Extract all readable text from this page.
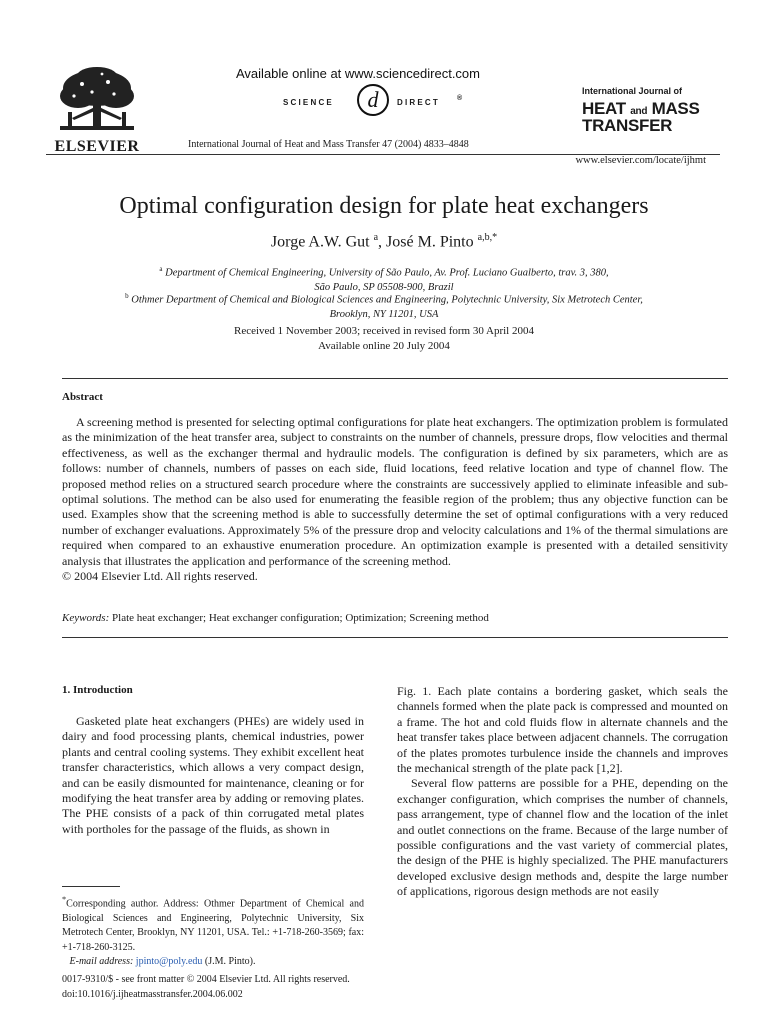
ELSEVIER
Available online at www.sciencedirect.com
SCIENCE d DIRECT ®
International Journal of Heat and Mass Transfer 47 (2004) 4833–4848
International Journal of
HEAT and MASS
TRANSFER
www.elsevier.com/locate/ijhmt
Optimal configuration design for plate heat exchangers
Jorge A.W. Gut $^a$, José M. Pinto $^{a,b,*}$
$^a$ Department of Chemical Engineering, University of São Paulo, Av. Prof. Luciano Gualberto, trav. 3, 380,
São Paulo, SP 05508-900, Brazil
$^b$ Othmer Department of Chemical and Biological Sciences and Engineering, Polytechnic University, Six Metrotech Center,
Brooklyn, NY 11201, USA
Received 1 November 2003; received in revised form 30 April 2004
Available online 20 July 2004
Abstract
A screening method is presented for selecting optimal configurations for plate heat exchangers. The optimization problem is formulated as the minimization of the heat transfer area, subject to constraints on the number of channels, pressure drops, flow velocities and thermal effectiveness, as well as the exchanger thermal and hydraulic models. The configuration is defined by six parameters, which are as follows: number of channels, numbers of passes on each side, fluid locations, feed relative location and type of channel flow. The proposed method relies on a structured search procedure where the constraints are successively applied to eliminate infeasible and sub-optimal solutions. The method can be also used for enumerating the feasible region of the problem; thus any objective function can be used. Examples show that the screening method is able to successfully determine the set of optimal configurations with a very reduced number of exchanger evaluations. Approximately 5% of the pressure drop and velocity calculations and 1% of the thermal simulations are required when compared to an exhaustive enumeration procedure. An optimization example is presented with a detailed sensitivity analysis that illustrates the application and performance of the screening method.
© 2004 Elsevier Ltd. All rights reserved.
Keywords: Plate heat exchanger; Heat exchanger configuration; Optimization; Screening method
1. Introduction
Gasketed plate heat exchangers (PHEs) are widely used in dairy and food processing plants, chemical industries, power plants and central cooling systems. They exhibit excellent heat transfer characteristics, which allows a very compact design, and can be easily dismounted for maintenance, cleaning or for modifying the heat transfer area by adding or removing plates. The PHE consists of a pack of thin corrugated metal plates with portholes for the passage of the fluids, as shown in

Fig. 1. Each plate contains a bordering gasket, which seals the channels formed when the plate pack is compressed and mounted on a frame. The hot and cold fluids flow in alternate channels and the heat transfer takes place between adjacent channels. The corrugation of the plates promotes turbulence inside the channels and improves the mechanical strength of the plate pack [1,2].

Several flow patterns are possible for a PHE, depending on the exchanger configuration, which comprises the number of channels, pass arrangement, type of channel flow and the location of the inlet and outlet connections on the frame. Because of the large number of possible configurations and the vast variety of commercial plates, the design of the PHE is highly specialized. The PHE manufacturers developed exclusive design methods and, despite the large number of applications, rigorous design methods are not easily

*Corresponding author. Address: Othmer Department of Chemical and Biological Sciences and Engineering, Polytechnic University, Six Metrotech Center, Brooklyn, NY 11201, USA. Tel.: +1-718-260-3569; fax: +1-718-260-3125.
E-mail address: jpinto@poly.edu (J.M. Pinto).
0017-9310/$ - see front matter © 2004 Elsevier Ltd. All rights reserved.
doi:10.1016/j.ijheatmasstransfer.2004.06.002
